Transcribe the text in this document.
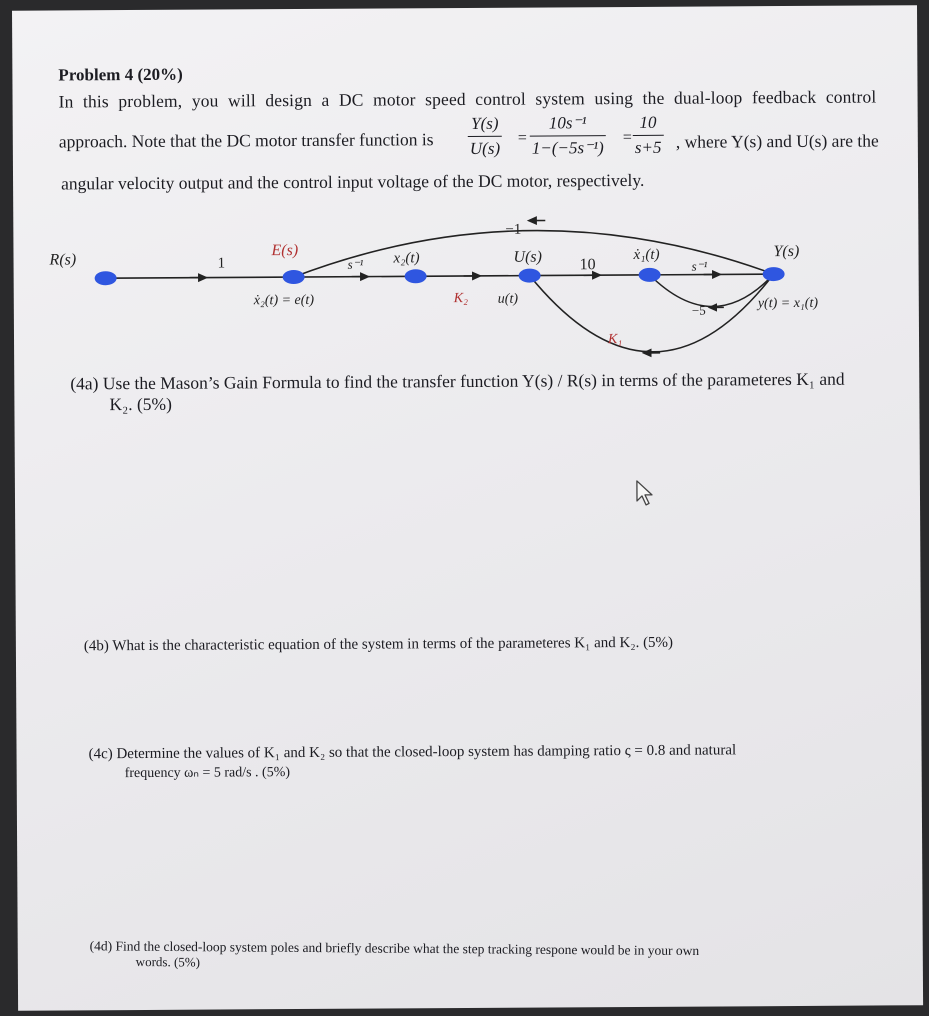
Problem 4 (20%)
In this problem, you will design a DC motor speed control system using the dual-loop feedback control
approach. Note that the DC motor transfer function is
Y(s)
U(s)
=
10s⁻¹
1−(−5s⁻¹)
=
10
s+5 , where Y(s) and U(s) are the
angular velocity output and the control input voltage of the DC motor, respectively.
R(s)
E(s)	x₂(t)	U(s)	ẋ₁(t)	Y(s)
1	s⁻¹
K₂
10	s⁻¹
−1
−5
K₁
ẋ₂(t) = e(t)	u(t)	y(t) = x₁(t)
(4a) Use the Mason’s Gain Formula to find the transfer function Y(s) / R(s) in terms of the parameteres K₁ and
K₂. (5%)
(4b) What is the characteristic equation of the system in terms of the parameteres K₁ and K₂. (5%)
(4c) Determine the values of K₁ and K₂ so that the closed-loop system has damping ratio ς = 0.8 and natural
frequency ωₙ = 5 rad/s . (5%)
(4d) Find the closed-loop system poles and briefly describe what the step tracking respone would be in your own
words. (5%)
